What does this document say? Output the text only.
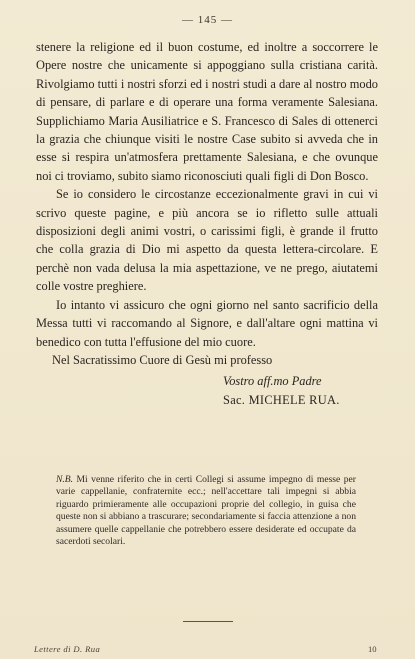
— 145 —

stenere la religione ed il buon costume, ed inoltre a soccorrere le Opere nostre che unicamente si appoggiano sulla cristiana carità. Rivolgiamo tutti i nostri sforzi ed i nostri studi a dare al nostro modo di pensare, di parlare e di operare una forma veramente Salesiana. Supplichiamo Maria Ausiliatrice e S. Francesco di Sales di ottenerci la grazia che chiunque visiti le nostre Case subito si avveda che in esse si respira un'atmosfera prettamente Salesiana, e che ovunque noi ci troviamo, subito siamo riconosciuti quali figli di Don Bosco.

Se io considero le circostanze eccezionalmente gravi in cui vi scrivo queste pagine, e più ancora se io rifletto sulle attuali disposizioni degli animi vostri, o carissimi figli, è grande il frutto che colla grazia di Dio mi aspetto da questa lettera-circolare. E perchè non vada delusa la mia aspettazione, ve ne prego, aiutatemi colle vostre preghiere.

Io intanto vi assicuro che ogni giorno nel santo sacrificio della Messa tutti vi raccomando al Signore, e dall'altare ogni mattina vi benedico con tutta l'effusione del mio cuore.

Nel Sacratissimo Cuore di Gesù mi professo

Vostro aff.mo Padre

Sac. MICHELE RUA.

N.B. Mi venne riferito che in certi Collegi si assume impegno di messe per varie cappellanie, confraternite ecc.; nell'accettare tali impegni si abbia riguardo primieramente alle occupazioni proprie del collegio, in guisa che queste non si abbiano a trascurare; secondariamente si faccia attenzione a non assumere quelle cappellanie che potrebbero essere desiderate ed occupate da sacerdoti secolari.
Lettere di D. Rua	10
